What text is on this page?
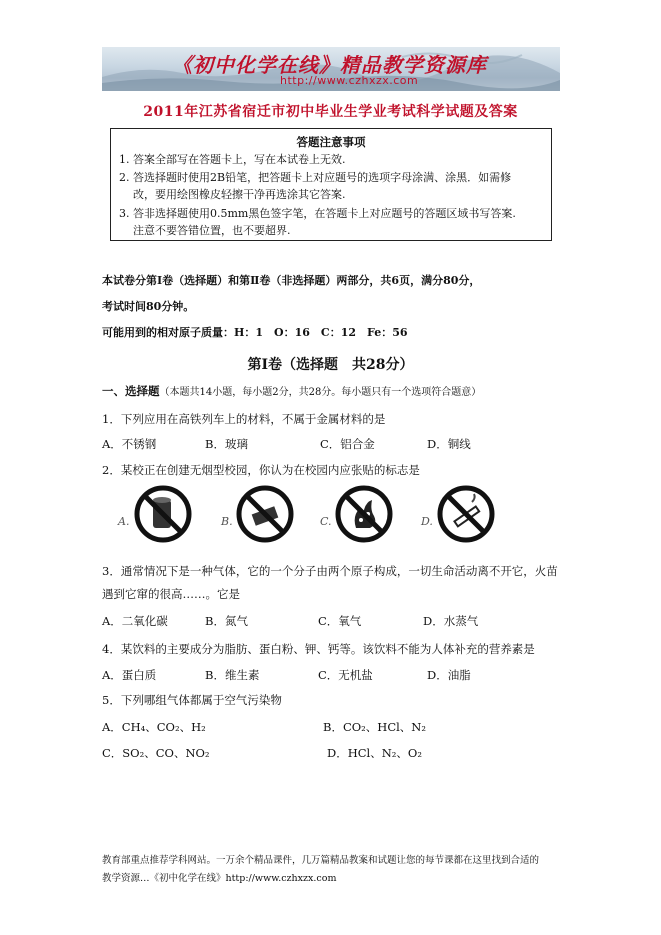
《初中化学在线》精品教学资源库
http://www.czhxzx.com
2011年江苏省宿迁市初中毕业生学业考试科学试题及答案
答题注意事项
1. 答案全部写在答题卡上，写在本试卷上无效.
2. 答选择题时使用2B铅笔，把答题卡上对应题号的选项字母涂满、涂黑．如需修
改，要用绘图橡皮轻擦干净再选涂其它答案.
3. 答非选择题使用0.5mm黑色签字笔，在答题卡上对应题号的答题区域书写答案.
注意不要答错位置，也不要超界.
本试卷分第Ⅰ卷（选择题）和第Ⅱ卷（非选择题）两部分，共6页，满分80分，
考试时间80分钟。
可能用到的相对原子质量：H：1　O：16　C：12　Fe：56
第Ⅰ卷（选择题　共28分）
一、选择题（本题共14小题，每小题2分，共28分。每小题只有一个选项符合题意）
1．下列应用在高铁列车上的材料，不属于金属材料的是
A．不锈钢	B．玻璃	C．铝合金	D．铜线
2．某校正在创建无烟型校园，你认为在校园内应张贴的标志是
A.	B.	C.	D.
3．通常情况下是一种气体，它的一个分子由两个原子构成，一切生命活动离不开它，火苗
遇到它窜的很高……。它是
A．二氧化碳	B．氮气	C．氧气	D．水蒸气
4．某饮料的主要成分为脂肪、蛋白粉、钾、钙等。该饮料不能为人体补充的营养素是
A．蛋白质	B．维生素	C．无机盐	D．油脂
5．下列哪组气体都属于空气污染物
A．CH₄、CO₂、H₂	B．CO₂、HCl、N₂
C．SO₂、CO、NO₂	D．HCl、N₂、O₂
教育部重点推荐学科网站。一万余个精品课件，几万篇精品教案和试题让您的每节课都在这里找到合适的
教学资源…《初中化学在线》http://www.czhxzx.com
